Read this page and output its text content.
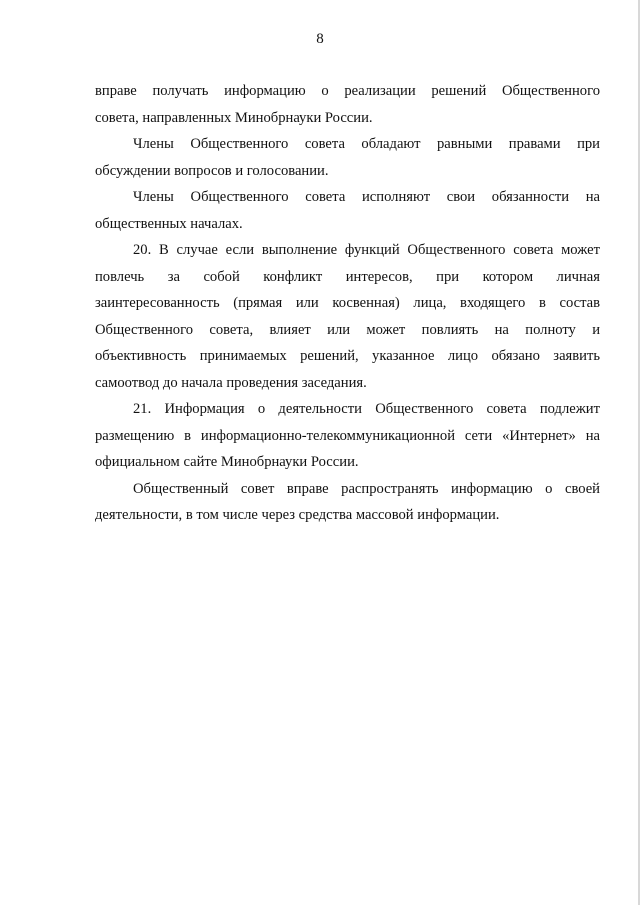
8
вправе получать информацию о реализации решений Общественного
совета, направленных Минобрнауки России.
Члены Общественного совета обладают равными правами при
обсуждении вопросов и голосовании.
Члены Общественного совета исполняют свои обязанности на
общественных началах.
20. В случае если выполнение функций Общественного совета может
повлечь за собой конфликт интересов, при котором личная
заинтересованность (прямая или косвенная) лица, входящего в состав
Общественного совета, влияет или может повлиять на полноту и
объективность принимаемых решений, указанное лицо обязано заявить
самоотвод до начала проведения заседания.
21. Информация о деятельности Общественного совета подлежит
размещению в информационно-телекоммуникационной сети «Интернет» на
официальном сайте Минобрнауки России.
Общественный совет вправе распространять информацию о своей
деятельности, в том числе через средства массовой информации.
